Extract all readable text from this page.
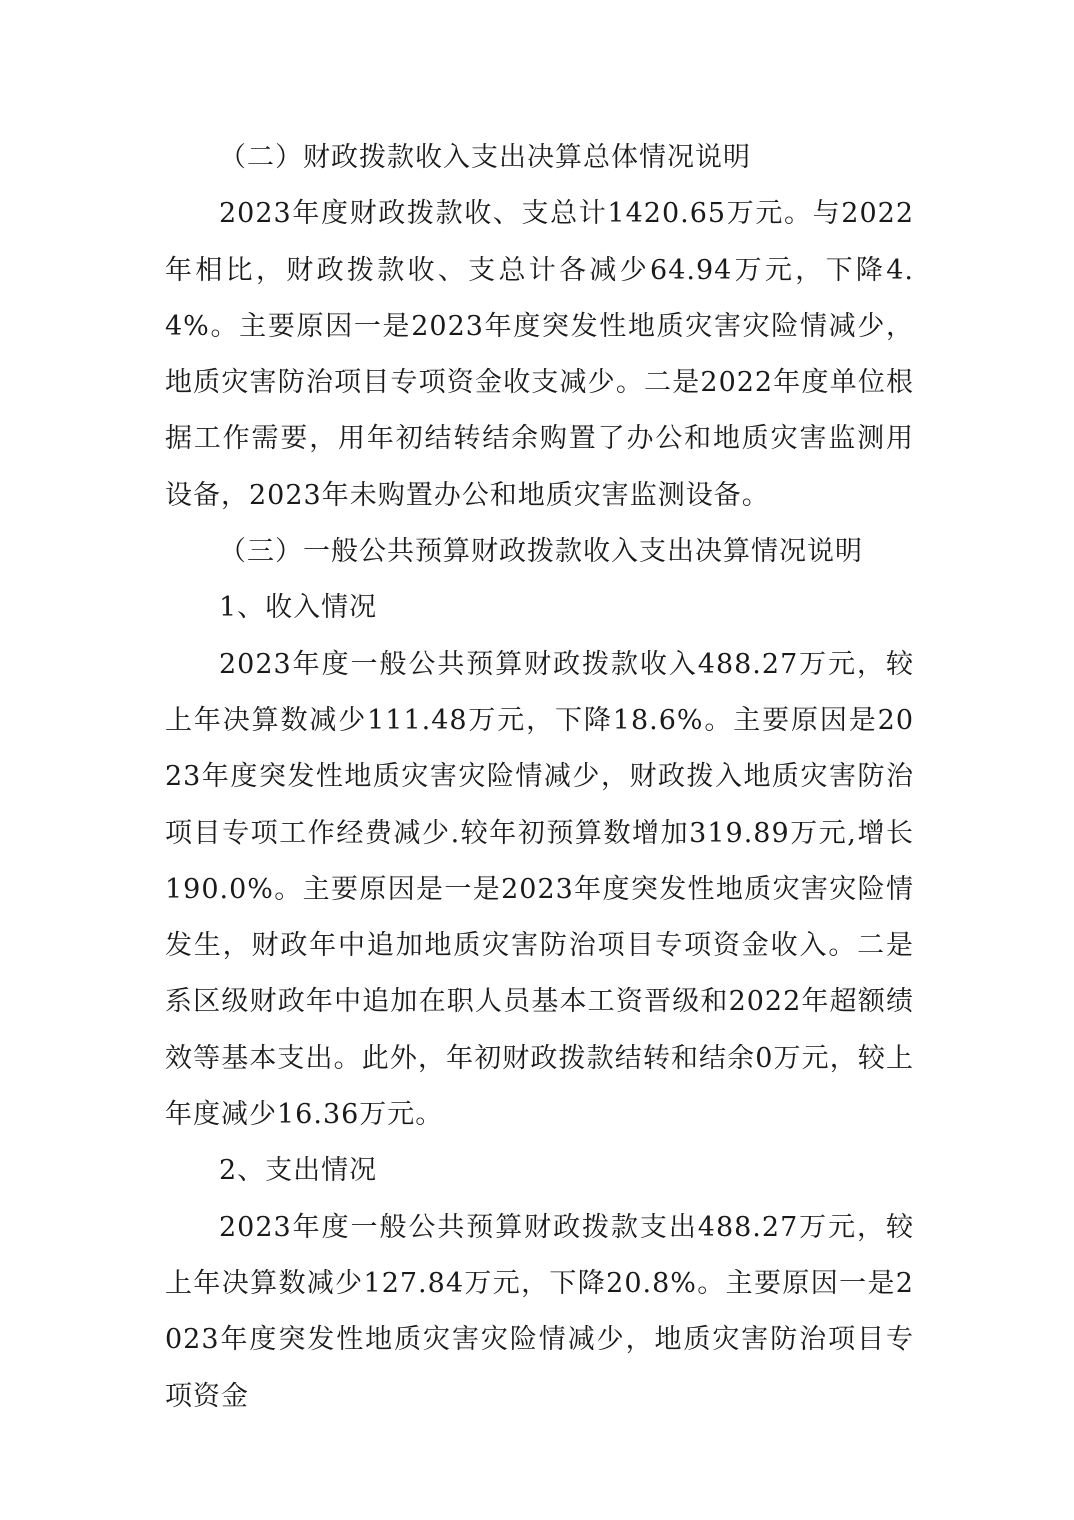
（二）财政拨款收入支出决算总体情况说明

2023年度财政拨款收、支总计1420.65万元。与2022年相比，财政拨款收、支总计各减少64.94万元，下降4.4%。主要原因一是2023年度突发性地质灾害灾险情减少，地质灾害防治项目专项资金收支减少。二是2022年度单位根据工作需要，用年初结转结余购置了办公和地质灾害监测用设备，2023年未购置办公和地质灾害监测设备。

（三）一般公共预算财政拨款收入支出决算情况说明

1、收入情况

2023年度一般公共预算财政拨款收入488.27万元，较上年决算数减少111.48万元，下降18.6%。主要原因是2023年度突发性地质灾害灾险情减少，财政拨入地质灾害防治项目专项工作经费减少.较年初预算数增加319.89万元,增长190.0%。主要原因是一是2023年度突发性地质灾害灾险情发生，财政年中追加地质灾害防治项目专项资金收入。二是系区级财政年中追加在职人员基本工资晋级和2022年超额绩效等基本支出。此外，年初财政拨款结转和结余0万元，较上年度减少16.36万元。

2、支出情况

2023年度一般公共预算财政拨款支出488.27万元，较上年决算数减少127.84万元，下降20.8%。主要原因一是2023年度突发性地质灾害灾险情减少，地质灾害防治项目专项资金
